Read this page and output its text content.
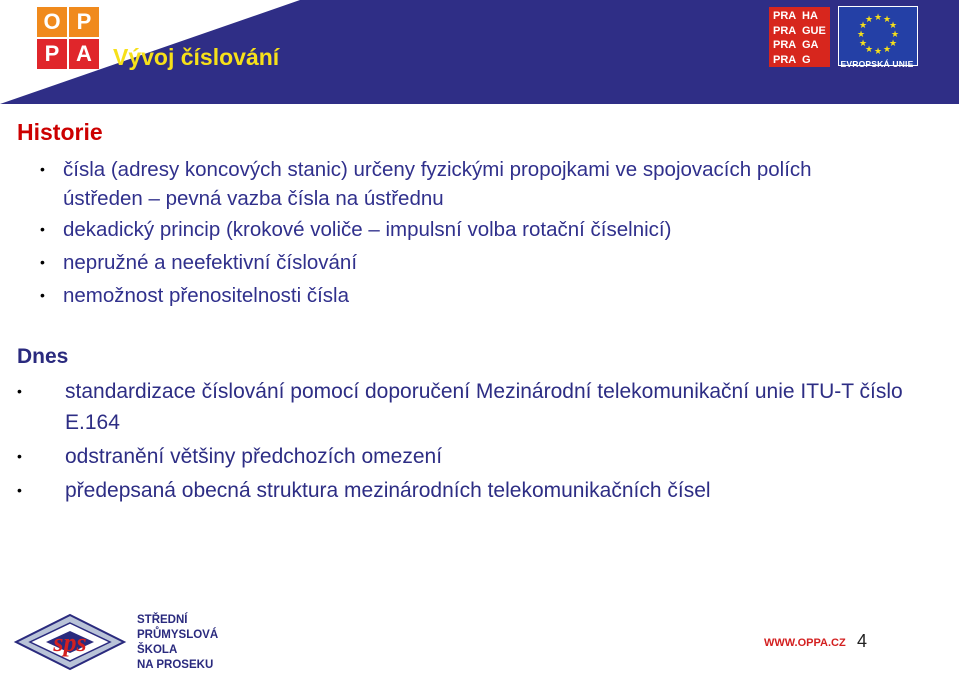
O P
P A Vývoj číslování
PRA
PRA
PRA
PRA
HA
GUE
GA
G
★ ★
★
★
★
★
★
★
★
★
★
★
EVROPSKÁ UNIE
Historie
• čísla (adresy koncových stanic) určeny fyzickými propojkami ve spojovacích polích ústředen – pevná vazba čísla na ústřednu
• dekadický princip (krokové voliče – impulsní volba rotační číselnicí)
• nepružné a neefektivní číslování
• nemožnost přenositelnosti čísla
Dnes
• standardizace číslování pomocí doporučení Mezinárodní telekomunikační unie ITU-T číslo E.164
• odstranění většiny předchozích omezení
• předepsaná obecná struktura mezinárodních telekomunikačních čísel
sps

STŘEDNÍ
PRŮMYSLOVÁ
ŠKOLA
NA PROSEKU

WWW.OPPA.CZ 4
